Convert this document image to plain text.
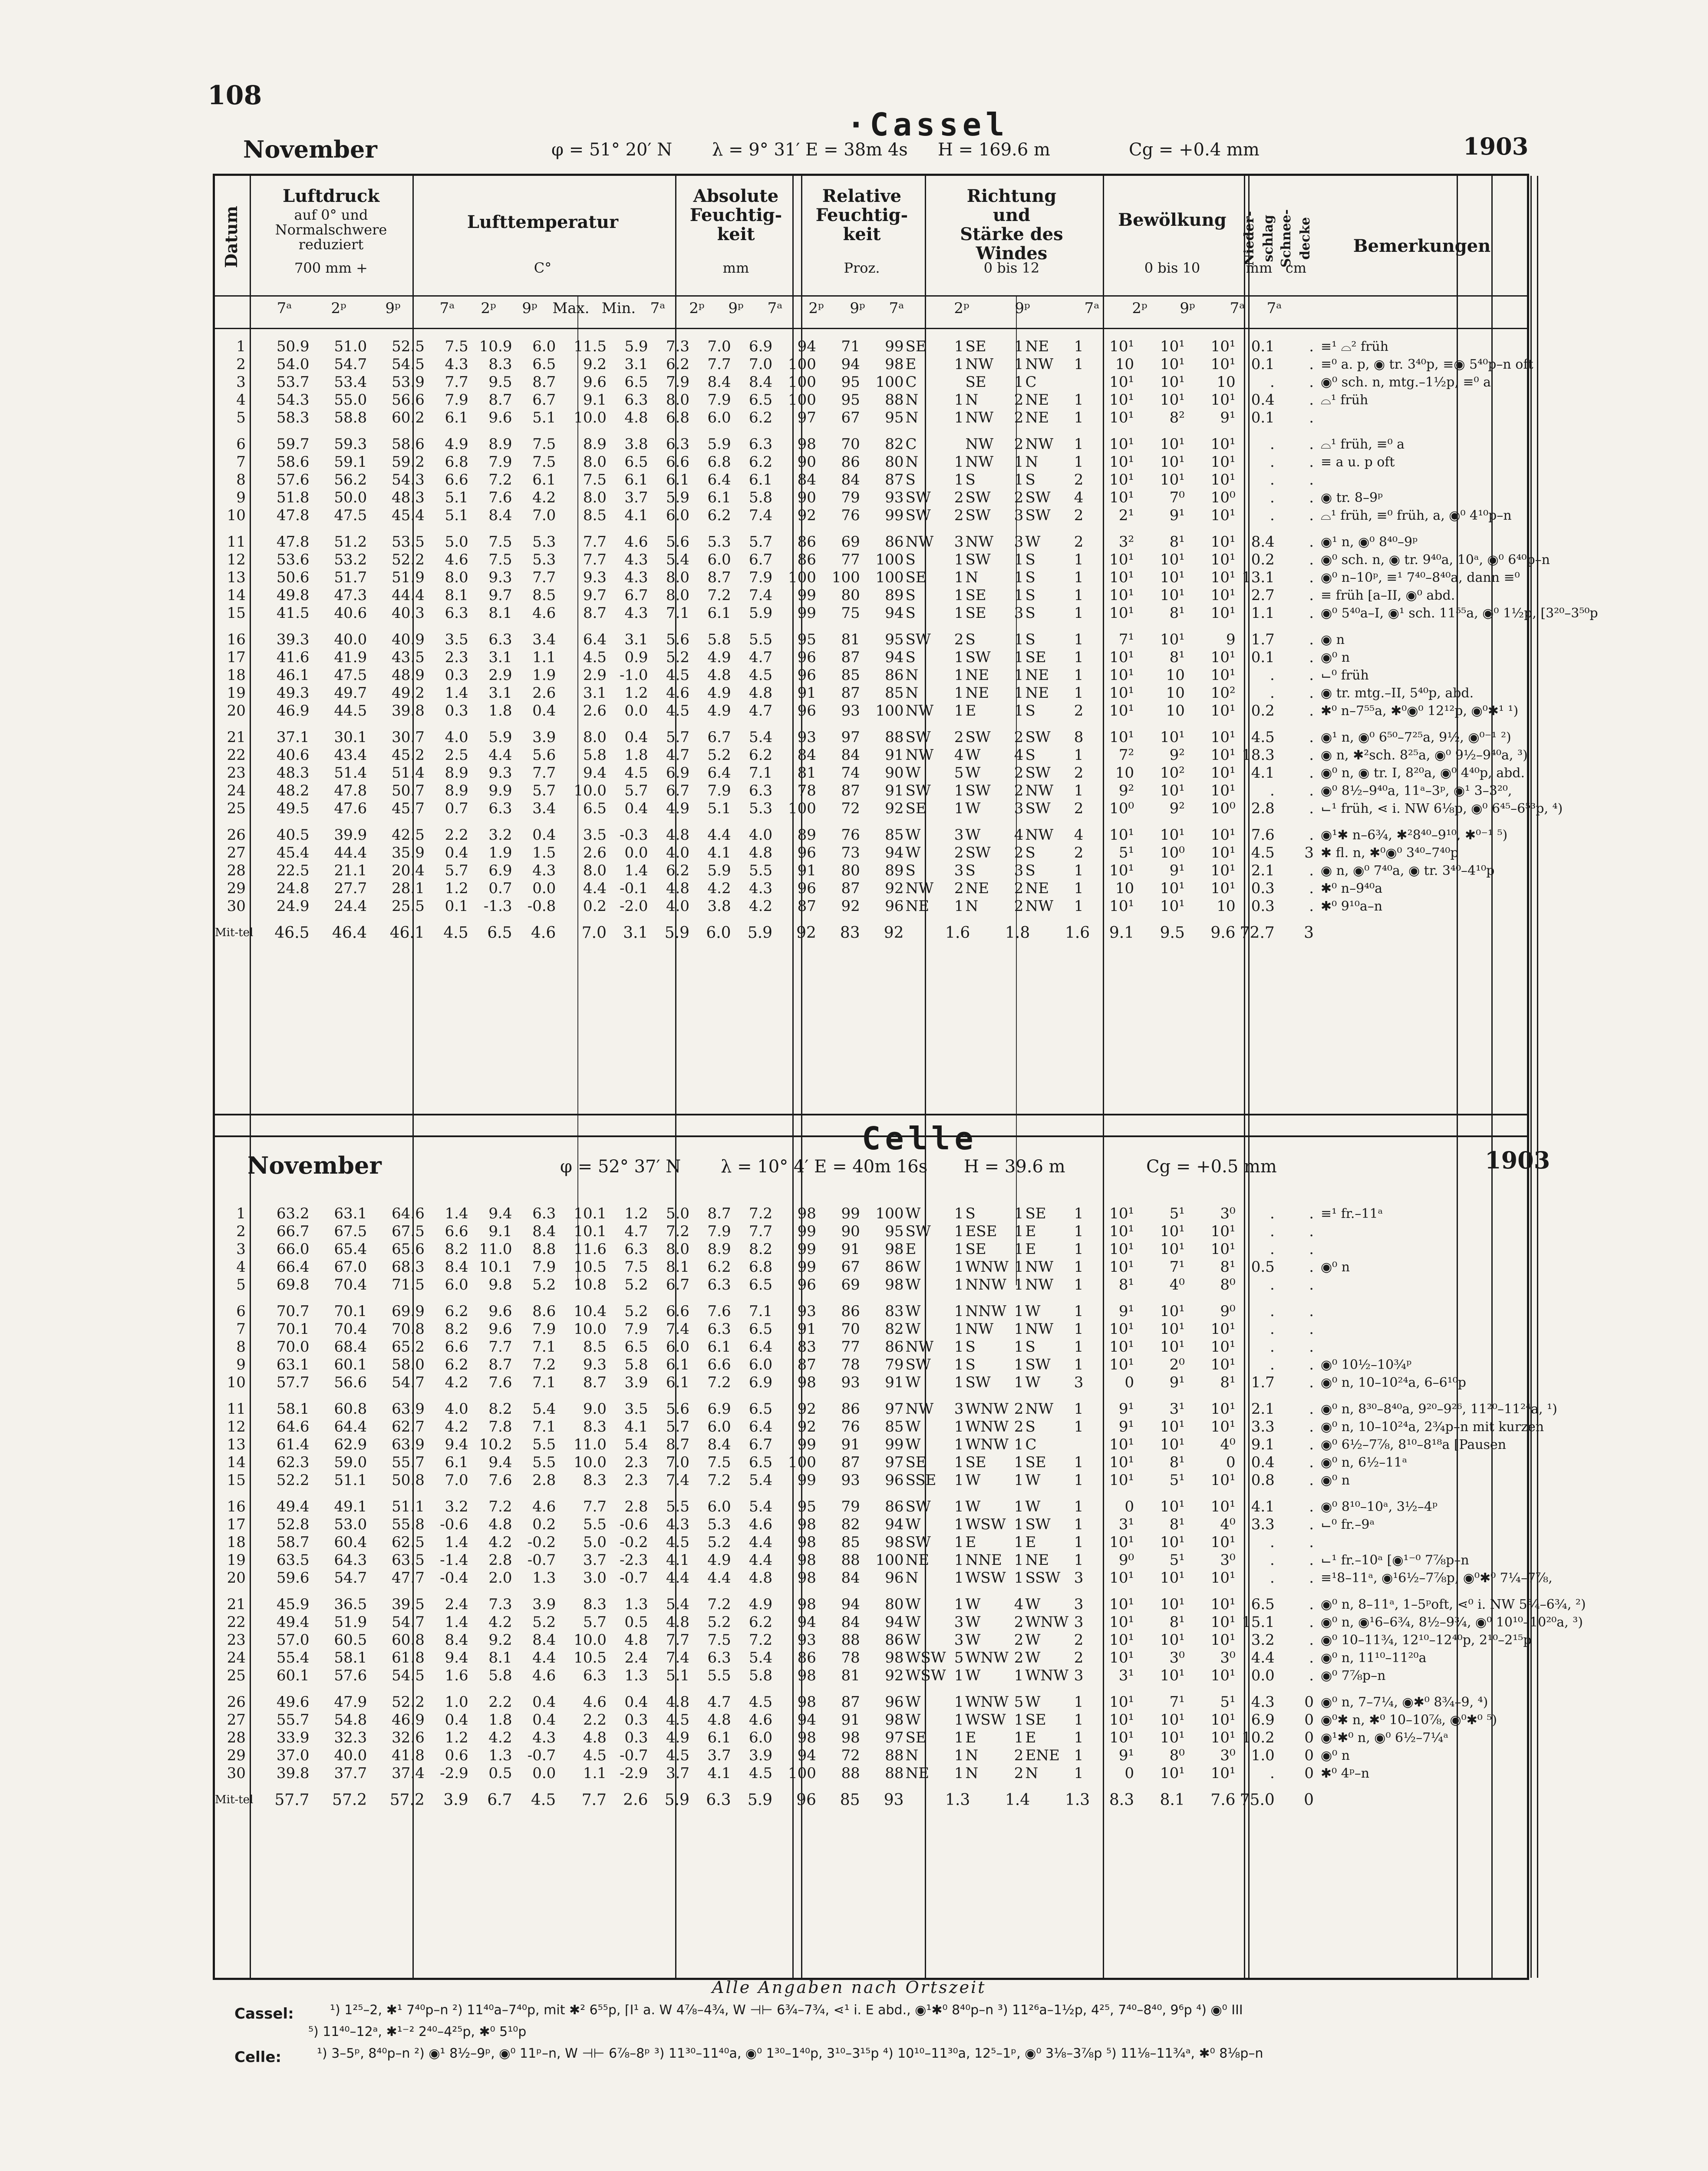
108
·Cassel
November	φ = 51° 20′ N λ = 9° 31′ E = 38m 4s H = 169.6 m	Cg = +0.4 mm	1903
Datum
Luftdruck
auf 0° und
Normalschwere
reduziert
700 mm +
Lufttemperatur
C°
Absolute
Feuchtig-
keit
mm
Relative
Feuchtig-
keit
Proz.
Richtung
und
Stärke des Windes
0 bis 12
Bewölkung
0 bis 10
Nieder-schlag
mm
Schnee-decke
cm
Bemerkungen
7ᵃ	2ᵖ	9ᵖ	7ᵃ	2ᵖ	9ᵖ	Max. Min. 7ᵃ	2ᵖ	9ᵖ	7ᵃ	2ᵖ	9ᵖ	7ᵃ	2ᵖ	9ᵖ	7ᵃ	2ᵖ	9ᵖ	7ᵃ	7ᵃ
1	50.9	51.0	52.5	7.5	10.9	6.0	11.5	5.9	7.3	7.0	6.9	94	71	99	SE	1	SE	1	NE	1	10¹	10¹	10¹	0.1	.	≡¹ ⌓² früh
2	54.0	54.7	54.5	4.3	8.3	6.5	9.2	3.1	6.2	7.7	7.0	100	94	98	E	1	NW	1	NW	1	10	10¹	10¹	0.1	.	≡⁰ a. p, ◉ tr. 3⁴⁰p, ≡◉ 5⁴⁰p–n oft
3	53.7	53.4	53.9	7.7	9.5	8.7	9.6	6.5	7.9	8.4	8.4	100	95	100	C		SE	1	C		10¹	10¹	10	.	.	◉⁰ sch. n, mtg.–1½p, ≡⁰ a
4	54.3	55.0	56.6	7.9	8.7	6.7	9.1	6.3	8.0	7.9	6.5	100	95	88	N	1	N	2	NE	1	10¹	10¹	10¹	0.4	.	⌓¹ früh
5	58.3	58.8	60.2	6.1	9.6	5.1	10.0	4.8	6.8	6.0	6.2	97	67	95	N	1	NW	2	NE	1	10¹	8²	9¹	0.1	.	
6	59.7	59.3	58.6	4.9	8.9	7.5	8.9	3.8	6.3	5.9	6.3	98	70	82	C		NW	2	NW	1	10¹	10¹	10¹	.	.	⌓¹ früh, ≡⁰ a
7	58.6	59.1	59.2	6.8	7.9	7.5	8.0	6.5	6.6	6.8	6.2	90	86	80	N	1	NW	1	N	1	10¹	10¹	10¹	.	.	≡ a u. p oft
8	57.6	56.2	54.3	6.6	7.2	6.1	7.5	6.1	6.1	6.4	6.1	84	84	87	S	1	S	1	S	2	10¹	10¹	10¹	.	.	
9	51.8	50.0	48.3	5.1	7.6	4.2	8.0	3.7	5.9	6.1	5.8	90	79	93	SW	2	SW	2	SW	4	10¹	7⁰	10⁰	.	.	◉ tr. 8–9ᵖ
10	47.8	47.5	45.4	5.1	8.4	7.0	8.5	4.1	6.0	6.2	7.4	92	76	99	SW	2	SW	3	SW	2	2¹	9¹	10¹	.	.	⌓¹ früh, ≡⁰ früh, a, ◉⁰ 4¹⁰p–n
11	47.8	51.2	53.5	5.0	7.5	5.3	7.7	4.6	5.6	5.3	5.7	86	69	86	NW	3	NW	3	W	2	3²	8¹	10¹	8.4	.	◉¹ n, ◉⁰ 8⁴⁰–9ᵖ
12	53.6	53.2	52.2	4.6	7.5	5.3	7.7	4.3	5.4	6.0	6.7	86	77	100	S	1	SW	1	S	1	10¹	10¹	10¹	0.2	.	◉⁰ sch. n, ◉ tr. 9⁴⁰a, 10ᵃ, ◉⁰ 6⁴⁰p–n
13	50.6	51.7	51.9	8.0	9.3	7.7	9.3	4.3	8.0	8.7	7.9	100	100	100	SE	1	N	1	S	1	10¹	10¹	10¹	13.1	.	◉⁰ n–10ᵖ, ≡¹ 7⁴⁰–8⁴⁰a, dann ≡⁰
14	49.8	47.3	44.4	8.1	9.7	8.5	9.7	6.7	8.0	7.2	7.4	99	80	89	S	1	SE	1	S	1	10¹	10¹	10¹	2.7	.	≡ früh [a–II, ◉⁰ abd.
15	41.5	40.6	40.3	6.3	8.1	4.6	8.7	4.3	7.1	6.1	5.9	99	75	94	S	1	SE	3	S	1	10¹	8¹	10¹	1.1	.	◉⁰ 5⁴⁰a–I, ◉¹ sch. 11⁵⁵a, ◉⁰ 1½p, [3²⁰–3⁵⁰p
16	39.3	40.0	40.9	3.5	6.3	3.4	6.4	3.1	5.6	5.8	5.5	95	81	95	SW	2	S	1	S	1	7¹	10¹	9	1.7	.	◉ n
17	41.6	41.9	43.5	2.3	3.1	1.1	4.5	0.9	5.2	4.9	4.7	96	87	94	S	1	SW	1	SE	1	10¹	8¹	10¹	0.1	.	◉⁰ n
18	46.1	47.5	48.9	0.3	2.9	1.9	2.9	-1.0	4.5	4.8	4.5	96	85	86	N	1	NE	1	NE	1	10¹	10	10¹	.	.	⌙⁰ früh
19	49.3	49.7	49.2	1.4	3.1	2.6	3.1	1.2	4.6	4.9	4.8	91	87	85	N	1	NE	1	NE	1	10¹	10	10²	.	.	◉ tr. mtg.–II, 5⁴⁰p, abd.
20	46.9	44.5	39.8	0.3	1.8	0.4	2.6	0.0	4.5	4.9	4.7	96	93	100	NW	1	E	1	S	2	10¹	10	10¹	0.2	.	✱⁰ n–7⁵⁵a, ✱⁰◉⁰ 12¹²p, ◉⁰✱¹ ¹)
21	37.1	30.1	30.7	4.0	5.9	3.9	8.0	0.4	5.7	6.7	5.4	93	97	88	SW	2	SW	2	SW	8	10¹	10¹	10¹	4.5	.	◉¹ n, ◉⁰ 6⁵⁰–7²⁵a, 9½, ◉⁰⁻¹ ²)
22	40.6	43.4	45.2	2.5	4.4	5.6	5.8	1.8	4.7	5.2	6.2	84	84	91	NW	4	W	4	S	1	7²	9²	10¹	18.3	.	◉ n, ✱²sch. 8²⁵a, ◉⁰ 9½–9⁴⁰a, ³)
23	48.3	51.4	51.4	8.9	9.3	7.7	9.4	4.5	6.9	6.4	7.1	81	74	90	W	5	W	2	SW	2	10	10²	10¹	4.1	.	◉⁰ n, ◉ tr. I, 8²⁰a, ◉⁰ 4⁴⁰p, abd.
24	48.2	47.8	50.7	8.9	9.9	5.7	10.0	5.7	6.7	7.9	6.3	78	87	91	SW	1	SW	2	NW	1	9²	10¹	10¹	.	.	◉⁰ 8½–9⁴⁰a, 11ᵃ–3ᵖ, ◉¹ 3–3²⁰,
25	49.5	47.6	45.7	0.7	6.3	3.4	6.5	0.4	4.9	5.1	5.3	100	72	92	SE	1	W	3	SW	2	10⁰	9²	10⁰	2.8	.	⌙¹ früh, ⋖ i. NW 6⅛p, ◉⁰ 6⁴⁵–6⁵³p, ⁴)
26	40.5	39.9	42.5	2.2	3.2	0.4	3.5	-0.3	4.8	4.4	4.0	89	76	85	W	3	W	4	NW	4	10¹	10¹	10¹	7.6	.	◉¹✱ n–6¾, ✱²8⁴⁰–9¹⁰, ✱⁰⁻¹ ⁵)
27	45.4	44.4	35.9	0.4	1.9	1.5	2.6	0.0	4.0	4.1	4.8	96	73	94	W	2	SW	2	S	2	5¹	10⁰	10¹	4.5	3	✱ fl. n, ✱⁰◉⁰ 3⁴⁰–7⁴⁰p
28	22.5	21.1	20.4	5.7	6.9	4.3	8.0	1.4	6.2	5.9	5.5	91	80	89	S	3	S	3	S	1	10¹	9¹	10¹	2.1	.	◉ n, ◉⁰ 7⁴⁰a, ◉ tr. 3⁴⁰–4¹⁰p
29	24.8	27.7	28.1	1.2	0.7	0.0	4.4	-0.1	4.8	4.2	4.3	96	87	92	NW	2	NE	2	NE	1	10	10¹	10¹	0.3	.	✱⁰ n–9⁴⁰a
30	24.9	24.4	25.5	0.1	-1.3	-0.8	0.2	-2.0	4.0	3.8	4.2	87	92	96	NE	1	N	2	NW	1	10¹	10¹	10	0.3	.	✱⁰ 9¹⁰a–n
Mit-tel	46.5	46.4	46.1	4.5	6.5	4.6	7.0	3.1	5.9	6.0	5.9	92	83	92		1.6		1.8		1.6	9.1	9.5	9.6	72.7	3	
Celle
November	φ = 52° 37′ N λ = 10° 4′ E = 40m 16s H = 39.6 m	Cg = +0.5 mm	1903
1	63.2	63.1	64.6	1.4	9.4	6.3	10.1	1.2	5.0	8.7	7.2	98	99	100	W	1	S	1	SE	1	10¹	5¹	3⁰	.	.	≡¹ fr.–11ᵃ
2	66.7	67.5	67.5	6.6	9.1	8.4	10.1	4.7	7.2	7.9	7.7	99	90	95	SW	1	ESE	1	E	1	10¹	10¹	10¹	.	.	
3	66.0	65.4	65.6	8.2	11.0	8.8	11.6	6.3	8.0	8.9	8.2	99	91	98	E	1	SE	1	E	1	10¹	10¹	10¹	.	.	
4	66.4	67.0	68.3	8.4	10.1	7.9	10.5	7.5	8.1	6.2	6.8	99	67	86	W	1	WNW	1	NW	1	10¹	7¹	8¹	0.5	.	◉⁰ n
5	69.8	70.4	71.5	6.0	9.8	5.2	10.8	5.2	6.7	6.3	6.5	96	69	98	W	1	NNW	1	NW	1	8¹	4⁰	8⁰	.	.	
6	70.7	70.1	69.9	6.2	9.6	8.6	10.4	5.2	6.6	7.6	7.1	93	86	83	W	1	NNW	1	W	1	9¹	10¹	9⁰	.	.	
7	70.1	70.4	70.8	8.2	9.6	7.9	10.0	7.9	7.4	6.3	6.5	91	70	82	W	1	NW	1	NW	1	10¹	10¹	10¹	.	.	
8	70.0	68.4	65.2	6.6	7.7	7.1	8.5	6.5	6.0	6.1	6.4	83	77	86	NW	1	S	1	S	1	10¹	10¹	10¹	.	.	
9	63.1	60.1	58.0	6.2	8.7	7.2	9.3	5.8	6.1	6.6	6.0	87	78	79	SW	1	S	1	SW	1	10¹	2⁰	10¹	.	.	◉⁰ 10½–10¾ᵖ
10	57.7	56.6	54.7	4.2	7.6	7.1	8.7	3.9	6.1	7.2	6.9	98	93	91	W	1	SW	1	W	3	0	9¹	8¹	1.7	.	◉⁰ n, 10–10²⁴a, 6–6¹⁰p
11	58.1	60.8	63.9	4.0	8.2	5.4	9.0	3.5	5.6	6.9	6.5	92	86	97	NW	3	WNW	2	NW	1	9¹	3¹	10¹	2.1	.	◉⁰ n, 8³⁰–8⁴⁰a, 9²⁰–9²⁶, 11²⁰–11²⁴a, ¹)
12	64.6	64.4	62.7	4.2	7.8	7.1	8.3	4.1	5.7	6.0	6.4	92	76	85	W	1	WNW	2	S	1	9¹	10¹	10¹	3.3	.	◉⁰ n, 10–10²⁴a, 2¾p–n mit kurzen
13	61.4	62.9	63.9	9.4	10.2	5.5	11.0	5.4	8.7	8.4	6.7	99	91	99	W	1	WNW	1	C		10¹	10¹	4⁰	9.1	.	◉⁰ 6½–7⅞, 8¹⁰–8¹⁸a [Pausen
14	62.3	59.0	55.7	6.1	9.4	5.5	10.0	2.3	7.0	7.5	6.5	100	87	97	SE	1	SE	1	SE	1	10¹	8¹	0	0.4	.	◉⁰ n, 6½–11ᵃ
15	52.2	51.1	50.8	7.0	7.6	2.8	8.3	2.3	7.4	7.2	5.4	99	93	96	SSE	1	W	1	W	1	10¹	5¹	10¹	0.8	.	◉⁰ n
16	49.4	49.1	51.1	3.2	7.2	4.6	7.7	2.8	5.5	6.0	5.4	95	79	86	SW	1	W	1	W	1	0	10¹	10¹	4.1	.	◉⁰ 8¹⁰–10ᵃ, 3½–4ᵖ
17	52.8	53.0	55.8	-0.6	4.8	0.2	5.5	-0.6	4.3	5.3	4.6	98	82	94	W	1	WSW	1	SW	1	3¹	8¹	4⁰	3.3	.	⌙⁰ fr.–9ᵃ
18	58.7	60.4	62.5	1.4	4.2	-0.2	5.0	-0.2	4.5	5.2	4.4	98	85	98	SW	1	E	1	E	1	10¹	10¹	10¹	.	.	
19	63.5	64.3	63.5	-1.4	2.8	-0.7	3.7	-2.3	4.1	4.9	4.4	98	88	100	NE	1	NNE	1	NE	1	9⁰	5¹	3⁰	.	.	⌙¹ fr.–10ᵃ [◉¹⁻⁰ 7⅞p–n
20	59.6	54.7	47.7	-0.4	2.0	1.3	3.0	-0.7	4.4	4.4	4.8	98	84	96	N	1	WSW	1	SSW	3	10¹	10¹	10¹	.	.	≡¹8–11ᵃ, ◉¹6½–7⅞p, ◉⁰✱⁰ 7¼–7⅞,
21	45.9	36.5	39.5	2.4	7.3	3.9	8.3	1.3	5.4	7.2	4.9	98	94	80	W	1	W	4	W	3	10¹	10¹	10¹	6.5	.	◉⁰ n, 8–11ᵃ, 1–5ᵖoft, ⋖⁰ i. NW 5¾–6¾, ²)
22	49.4	51.9	54.7	1.4	4.2	5.2	5.7	0.5	4.8	5.2	6.2	94	84	94	W	3	W	2	WNW	3	10¹	8¹	10¹	15.1	.	◉⁰ n, ◉¹6–6¾, 8½–9¾, ◉⁰ 10¹⁰–10²⁰a, ³)
23	57.0	60.5	60.8	8.4	9.2	8.4	10.0	4.8	7.7	7.5	7.2	93	88	86	W	3	W	2	W	2	10¹	10¹	10¹	3.2	.	◉⁰ 10–11¾, 12¹⁰–12⁴⁰p, 2¹⁰–2¹⁵p
24	55.4	58.1	61.8	9.4	8.1	4.4	10.5	2.4	7.4	6.3	5.4	86	78	98	WSW	5	WNW	2	W	2	10¹	3⁰	3⁰	4.4	.	◉⁰ n, 11¹⁰–11²⁰a
25	60.1	57.6	54.5	1.6	5.8	4.6	6.3	1.3	5.1	5.5	5.8	98	81	92	WSW	1	W	1	WNW	3	3¹	10¹	10¹	0.0	.	◉⁰ 7⅞p–n
26	49.6	47.9	52.2	1.0	2.2	0.4	4.6	0.4	4.8	4.7	4.5	98	87	96	W	1	WNW	5	W	1	10¹	7¹	5¹	4.3	0	◉⁰ n, 7–7¼, ◉✱⁰ 8¾–9, ⁴)
27	55.7	54.8	46.9	0.4	1.8	0.4	2.2	0.3	4.5	4.8	4.6	94	91	98	W	1	WSW	1	SE	1	10¹	10¹	10¹	6.9	0	◉⁰✱ n, ✱⁰ 10–10⅞, ◉⁰✱⁰ ⁵)
28	33.9	32.3	32.6	1.2	4.2	4.3	4.8	0.3	4.9	6.1	6.0	98	98	97	SE	1	E	1	E	1	10¹	10¹	10¹	10.2	0	◉¹✱⁰ n, ◉⁰ 6½–7¼ᵃ
29	37.0	40.0	41.8	0.6	1.3	-0.7	4.5	-0.7	4.5	3.7	3.9	94	72	88	N	1	N	2	ENE	1	9¹	8⁰	3⁰	1.0	0	◉⁰ n
30	39.8	37.7	37.4	-2.9	0.5	0.0	1.1	-2.9	3.7	4.1	4.5	100	88	88	NE	1	N	2	N	1	0	10¹	10¹	.	0	✱⁰ 4ᵖ–n
Mit-tel	57.7	57.2	57.2	3.9	6.7	4.5	7.7	2.6	5.9	6.3	5.9	96	85	93		1.3		1.4		1.3	8.3	8.1	7.6	75.0	0	
Alle Angaben nach Ortszeit
Cassel:	¹) 1²⁵–2, ✱¹ 7⁴⁰p–n ²) 11⁴⁰a–7⁴⁰p, mit ✱² 6⁵⁵p, ⌈Ⅰ¹ a. W 4⅞–4¾, W ⊣⊢ 6¾–7¾, ⋖¹ i. E abd., ◉¹✱⁰ 8⁴⁰p–n ³) 11²⁶a–1½p, 4²⁵, 7⁴⁰–8⁴⁰, 9⁶p ⁴) ◉⁰ III
⁵) 11⁴⁰–12ᵃ, ✱¹⁻² 2⁴⁰–4²⁵p, ✱⁰ 5¹⁰p
Celle:	¹) 3–5ᵖ, 8⁴⁰p–n ²) ◉¹ 8½–9ᵖ, ◉⁰ 11ᵖ–n, W ⊣⊢ 6⅞–8ᵖ ³) 11³⁰–11⁴⁰a, ◉⁰ 1³⁰–1⁴⁰p, 3¹⁰–3¹⁵p ⁴) 10¹⁰–11³⁰a, 12⁵–1ᵖ, ◉⁰ 3⅛–3⅞p ⁵) 11⅛–11¾ᵃ, ✱⁰ 8⅛p–n
